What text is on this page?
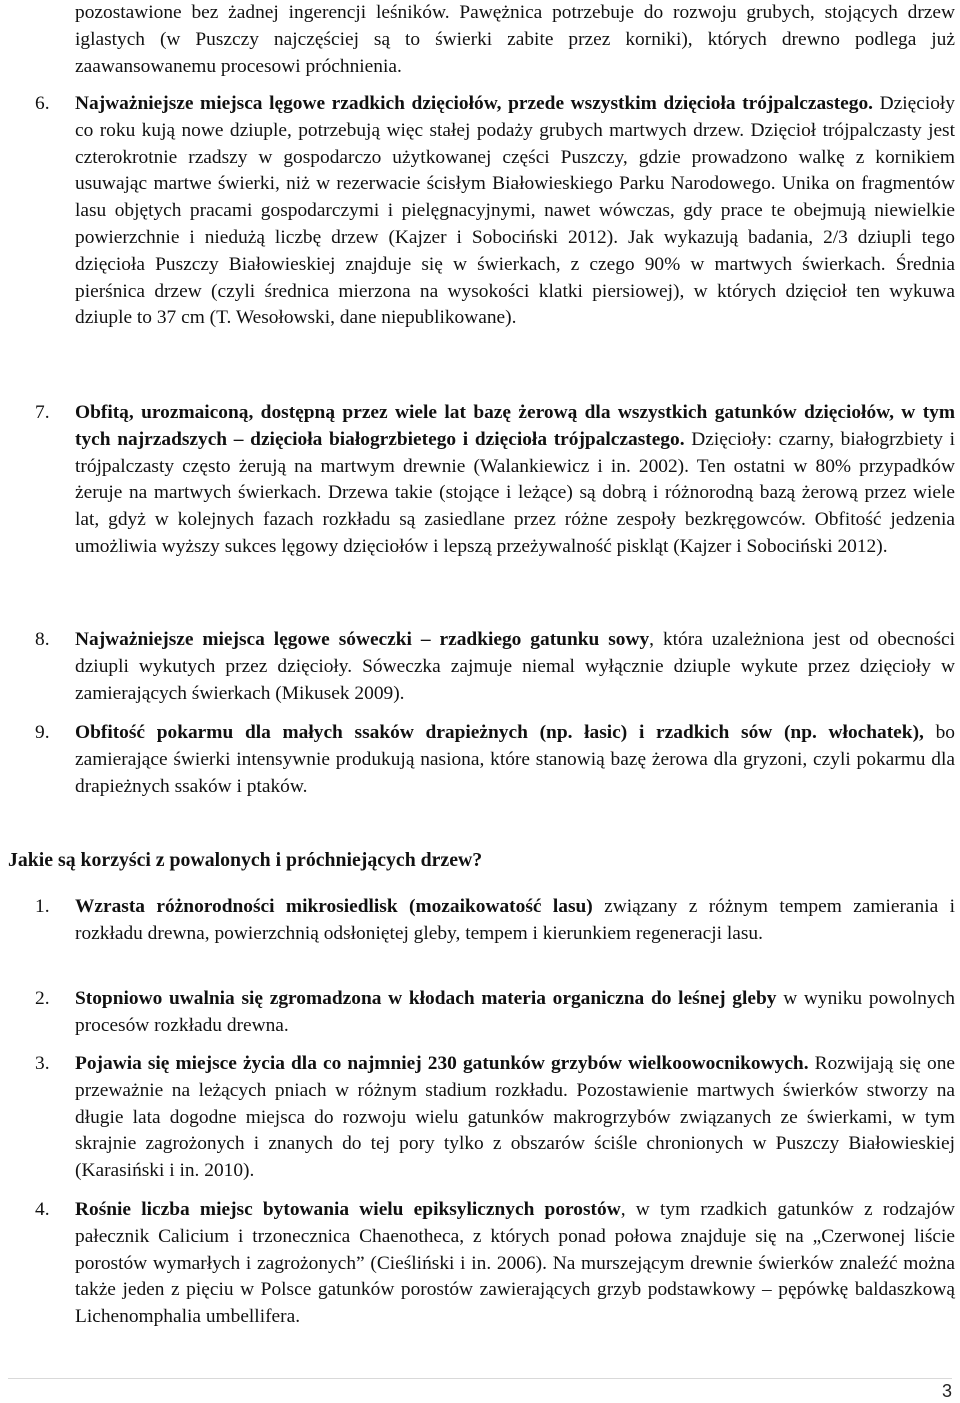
pozostawione bez żadnej ingerencji leśników. Pawężnica potrzebuje do rozwoju grubych, stojących drzew iglastych (w Puszczy najczęściej są to świerki zabite przez korniki), których drewno podlega już zaawansowanemu procesowi próchnienia.

6.	Najważniejsze miejsca lęgowe rzadkich dzięciołów, przede wszystkim dzięcioła trójpalczastego. Dzięcioły co roku kują nowe dziuple, potrzebują więc stałej podaży grubych martwych drzew. Dzięcioł trójpalczasty jest czterokrotnie rzadszy w gospodarczo użytkowanej części Puszczy, gdzie prowadzono walkę z kornikiem usuwając martwe świerki, niż w rezerwacie ścisłym Białowieskiego Parku Narodowego. Unika on fragmentów lasu objętych pracami gospodarczymi i pielęgnacyjnymi, nawet wówczas, gdy prace te obejmują niewielkie powierzchnie i niedużą liczbę drzew (Kajzer i Sobociński 2012). Jak wykazują badania, 2/3 dziupli tego dzięcioła Puszczy Białowieskiej znajduje się w świerkach, z czego 90% w martwych świerkach. Średnia pierśnica drzew (czyli średnica mierzona na wysokości klatki piersiowej), w których dzięcioł ten wykuwa dziuple to 37 cm (T. Wesołowski, dane niepublikowane).
7.	Obfitą, urozmaiconą, dostępną przez wiele lat bazę żerową dla wszystkich gatunków dzięciołów, w tym tych najrzadszych – dzięcioła białogrzbietego i dzięcioła trójpalczastego. Dzięcioły: czarny, białogrzbiety i trójpalczasty często żerują na martwym drewnie (Walankiewicz i in. 2002). Ten ostatni w 80% przypadków żeruje na martwych świerkach. Drzewa takie (stojące i leżące) są dobrą i różnorodną bazą żerową przez wiele lat, gdyż w kolejnych fazach rozkładu są zasiedlane przez różne zespoły bezkręgowców. Obfitość jedzenia umożliwia wyższy sukces lęgowy dzięciołów i lepszą przeżywalność piskląt (Kajzer i Sobociński 2012).
8.	Najważniejsze miejsca lęgowe sóweczki – rzadkiego gatunku sowy, która uzależniona jest od obecności dziupli wykutych przez dzięcioły. Sóweczka zajmuje niemal wyłącznie dziuple wykute przez dzięcioły w zamierających świerkach (Mikusek 2009).
9.	Obfitość pokarmu dla małych ssaków drapieżnych (np. łasic) i rzadkich sów (np. włochatek), bo zamierające świerki intensywnie produkują nasiona, które stanowią bazę żerowa dla gryzoni, czyli pokarmu dla drapieżnych ssaków i ptaków.
Jakie są korzyści z powalonych i próchniejących drzew?
1.	Wzrasta różnorodności mikrosiedlisk (mozaikowatość lasu) związany z różnym tempem zamierania i rozkładu drewna, powierzchnią odsłoniętej gleby, tempem i kierunkiem regeneracji lasu.
2.	Stopniowo uwalnia się zgromadzona w kłodach materia organiczna do leśnej gleby w wyniku powolnych procesów rozkładu drewna.
3.	Pojawia się miejsce życia dla co najmniej 230 gatunków grzybów wielkoowocnikowych. Rozwijają się one przeważnie na leżących pniach w różnym stadium rozkładu. Pozostawienie martwych świerków stworzy na długie lata dogodne miejsca do rozwoju wielu gatunków makrogrzybów związanych ze świerkami, w tym skrajnie zagrożonych i znanych do tej pory tylko z obszarów ściśle chronionych w Puszczy Białowieskiej (Karasiński i in. 2010).
4.	Rośnie liczba miejsc bytowania wielu epiksylicznych porostów, w tym rzadkich gatunków z rodzajów pałecznik Calicium i trzonecznica Chaenotheca, z których ponad połowa znajduje się na „Czerwonej liście porostów wymarłych i zagrożonych” (Cieśliński i in. 2006). Na murszejącym drewnie świerków znaleźć można także jeden z pięciu w Polsce gatunków porostów zawierających grzyb podstawkowy – pępówkę baldaszkową Lichenomphalia umbellifera.
3
